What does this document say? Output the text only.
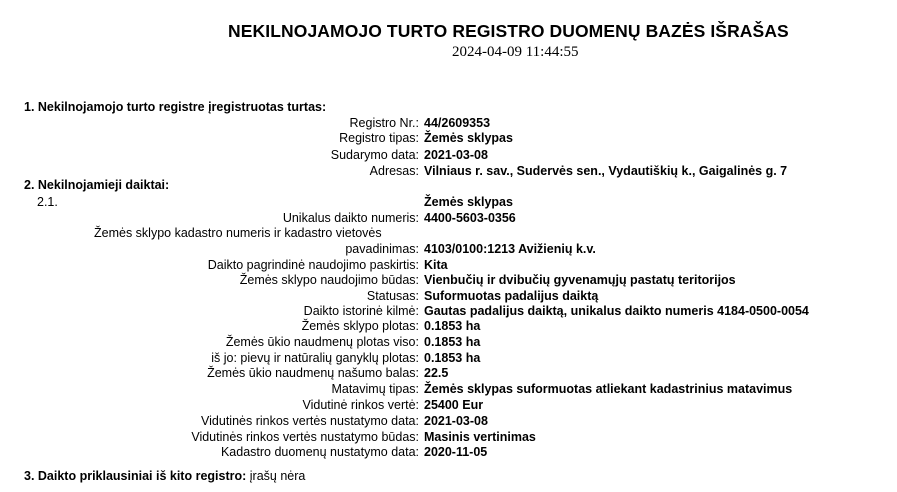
NEKILNOJAMOJO TURTO REGISTRO DUOMENŲ BAZĖS IŠRAŠAS
2024-04-09 11:44:55
1. Nekilnojamojo turto registre įregistruotas turtas:
Registro Nr.: 44/2609353
Registro tipas: Žemės sklypas
Sudarymo data: 2021-03-08
Adresas: Vilniaus r. sav., Sudervės sen., Vydautiškių k., Gaigalinės g. 7
2. Nekilnojamieji daiktai:
2.1.	Žemės sklypas
Unikalus daikto numeris: 4400-5603-0356
Žemės sklypo kadastro numeris ir kadastro vietovės
pavadinimas: 4103/0100:1213 Avižienių k.v.
Daikto pagrindinė naudojimo paskirtis: Kita
Žemės sklypo naudojimo būdas: Vienbučių ir dvibučių gyvenamųjų pastatų teritorijos
Statusas: Suformuotas padalijus daiktą
Daikto istorinė kilmė: Gautas padalijus daiktą, unikalus daikto numeris 4184-0500-0054
Žemės sklypo plotas: 0.1853 ha
Žemės ūkio naudmenų plotas viso: 0.1853 ha
iš jo: pievų ir natūralių ganyklų plotas: 0.1853 ha
Žemės ūkio naudmenų našumo balas: 22.5
Matavimų tipas: Žemės sklypas suformuotas atliekant kadastrinius matavimus
Vidutinė rinkos vertė: 25400 Eur
Vidutinės rinkos vertės nustatymo data: 2021-03-08
Vidutinės rinkos vertės nustatymo būdas: Masinis vertinimas
Kadastro duomenų nustatymo data: 2020-11-05
3. Daikto priklausiniai iš kito registro: įrašų nėra
